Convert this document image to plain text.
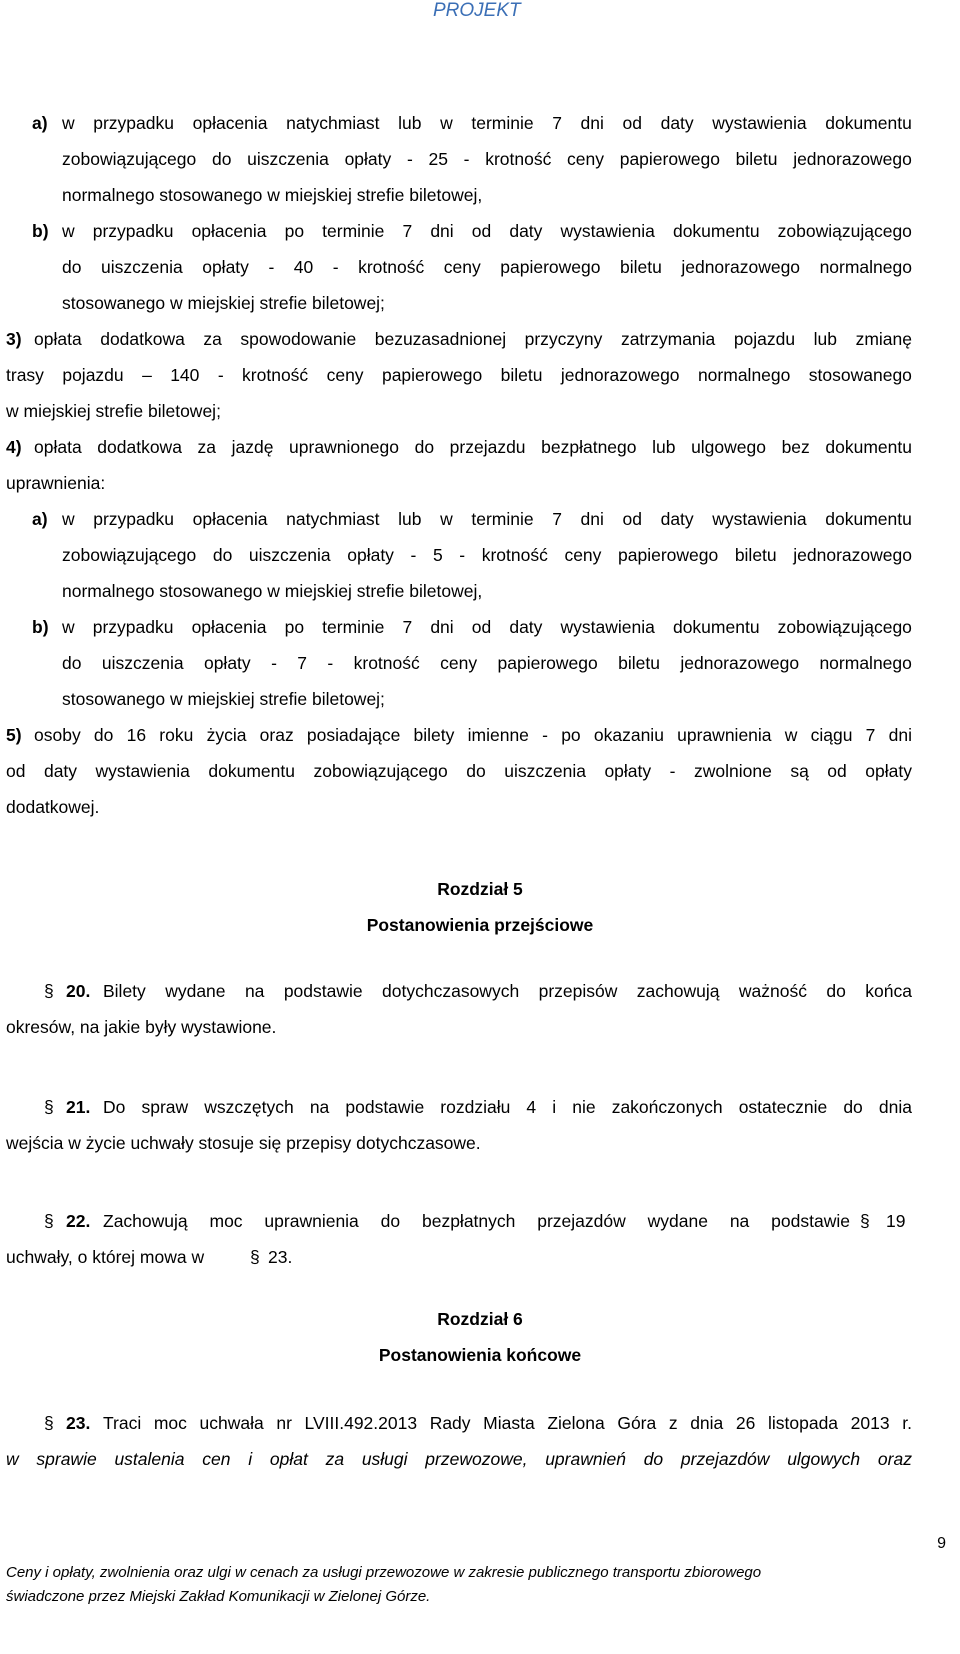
PROJEKT
a) w przypadku opłacenia natychmiast lub w terminie 7 dni od daty wystawienia dokumentu
zobowiązującego do uiszczenia opłaty - 25 - krotność ceny papierowego biletu jednorazowego
normalnego stosowanego w miejskiej strefie biletowej,
b) w przypadku opłacenia po terminie 7 dni od daty wystawienia dokumentu zobowiązującego
do uiszczenia opłaty - 40 - krotność ceny papierowego biletu jednorazowego normalnego
stosowanego w miejskiej strefie biletowej;
3) opłata dodatkowa za spowodowanie bezuzasadnionej przyczyny zatrzymania pojazdu lub zmianę
trasy pojazdu – 140 - krotność ceny papierowego biletu jednorazowego normalnego stosowanego
w miejskiej strefie biletowej;
4) opłata dodatkowa za jazdę uprawnionego do przejazdu bezpłatnego lub ulgowego bez dokumentu
uprawnienia:
a) w przypadku opłacenia natychmiast lub w terminie 7 dni od daty wystawienia dokumentu
zobowiązującego do uiszczenia opłaty - 5 - krotność ceny papierowego biletu jednorazowego
normalnego stosowanego w miejskiej strefie biletowej,
b) w przypadku opłacenia po terminie 7 dni od daty wystawienia dokumentu zobowiązującego
do uiszczenia opłaty - 7 - krotność ceny papierowego biletu jednorazowego normalnego
stosowanego w miejskiej strefie biletowej;
5) osoby do 16 roku życia oraz posiadające bilety imienne - po okazaniu uprawnienia w ciągu 7 dni
od daty wystawienia dokumentu zobowiązującego do uiszczenia opłaty - zwolnione są od opłaty
dodatkowej.
Rozdział 5
Postanowienia przejściowe
§ 20. Bilety wydane na podstawie dotychczasowych przepisów zachowują ważność do końca
okresów, na jakie były wystawione.
§ 21. Do spraw wszczętych na podstawie rozdziału 4 i nie zakończonych ostatecznie do dnia
wejścia w życie uchwały stosuje się przepisy dotychczasowe.
§ 22. Zachowują moc uprawnienia do bezpłatnych przejazdów wydane na podstawie § 19
uchwały, o której mowa w	§ 23.
Rozdział 6
Postanowienia końcowe
§ 23. Traci moc uchwała nr LVIII.492.2013 Rady Miasta Zielona Góra z dnia 26 listopada 2013 r.
w sprawie ustalenia cen i opłat za usługi przewozowe, uprawnień do przejazdów ulgowych oraz
9
Ceny i opłaty, zwolnienia oraz ulgi w cenach za usługi przewozowe w zakresie publicznego transportu zbiorowego
świadczone przez Miejski Zakład Komunikacji w Zielonej Górze.
